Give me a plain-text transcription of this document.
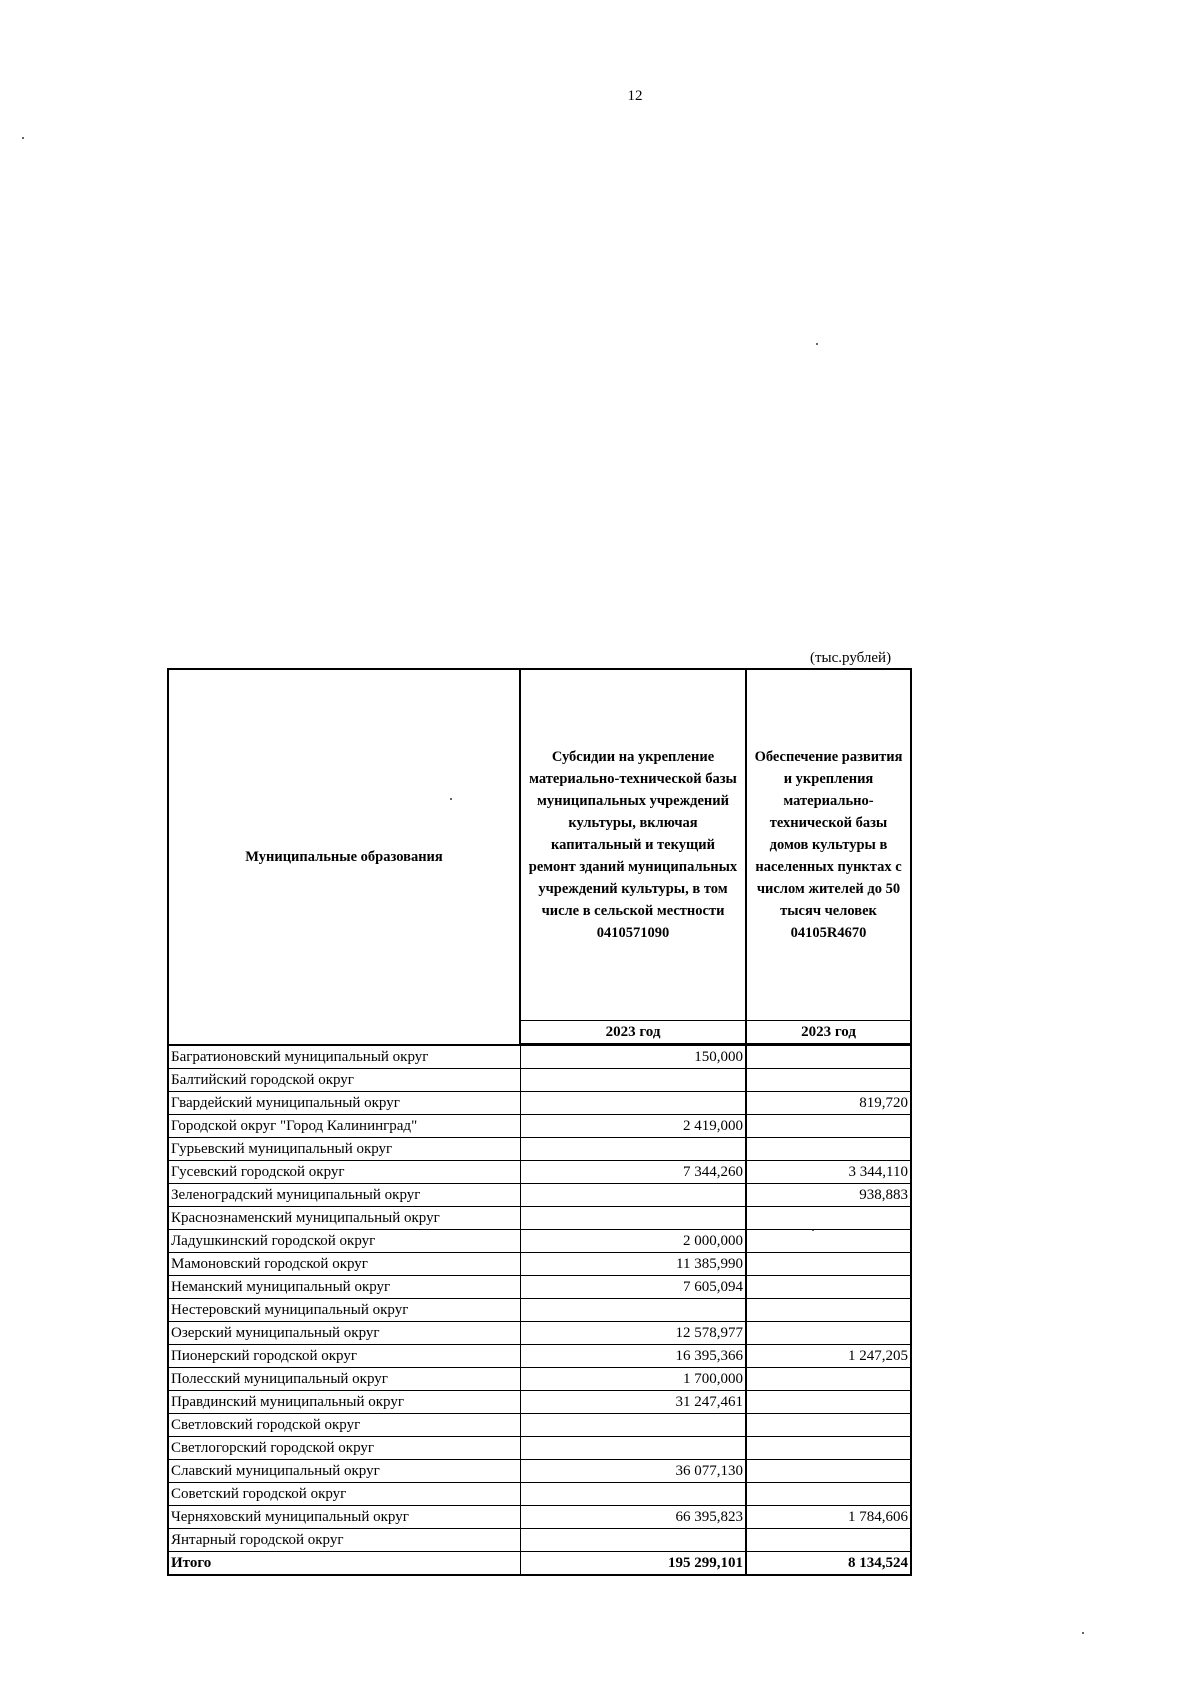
12
(тыс.рублей)
Муниципальные образования	Субсидии на укрепление материально-технической базы муниципальных учреждений культуры, включая капитальный и текущий ремонт зданий муниципальных учреждений культуры, в том числе в сельской местности 0410571090	Обеспечение развития и укрепления материально-технической базы домов культуры в населенных пунктах с числом жителей до 50 тысяч человек 04105R4670
	2023 год	2023 год
Багратионовский муниципальный округ	150,000	
Балтийский городской округ		
Гвардейский муниципальный округ		819,720
Городской округ "Город Калининград"	2 419,000	
Гурьевский муниципальный округ		
Гусевский городской округ	7 344,260	3 344,110
Зеленоградский муниципальный округ		938,883
Краснознаменский муниципальный округ		
Ладушкинский городской округ	2 000,000	
Мамоновский городской округ	11 385,990	
Неманский муниципальный округ	7 605,094	
Нестеровский муниципальный округ		
Озерский муниципальный округ	12 578,977	
Пионерский городской округ	16 395,366	1 247,205
Полесский муниципальный округ	1 700,000	
Правдинский муниципальный округ	31 247,461	
Светловский городской округ		
Светлогорский городской округ		
Славский муниципальный округ	36 077,130	
Советский городской округ		
Черняховский муниципальный округ	66 395,823	1 784,606
Янтарный городской округ		
Итого	195 299,101	8 134,524
